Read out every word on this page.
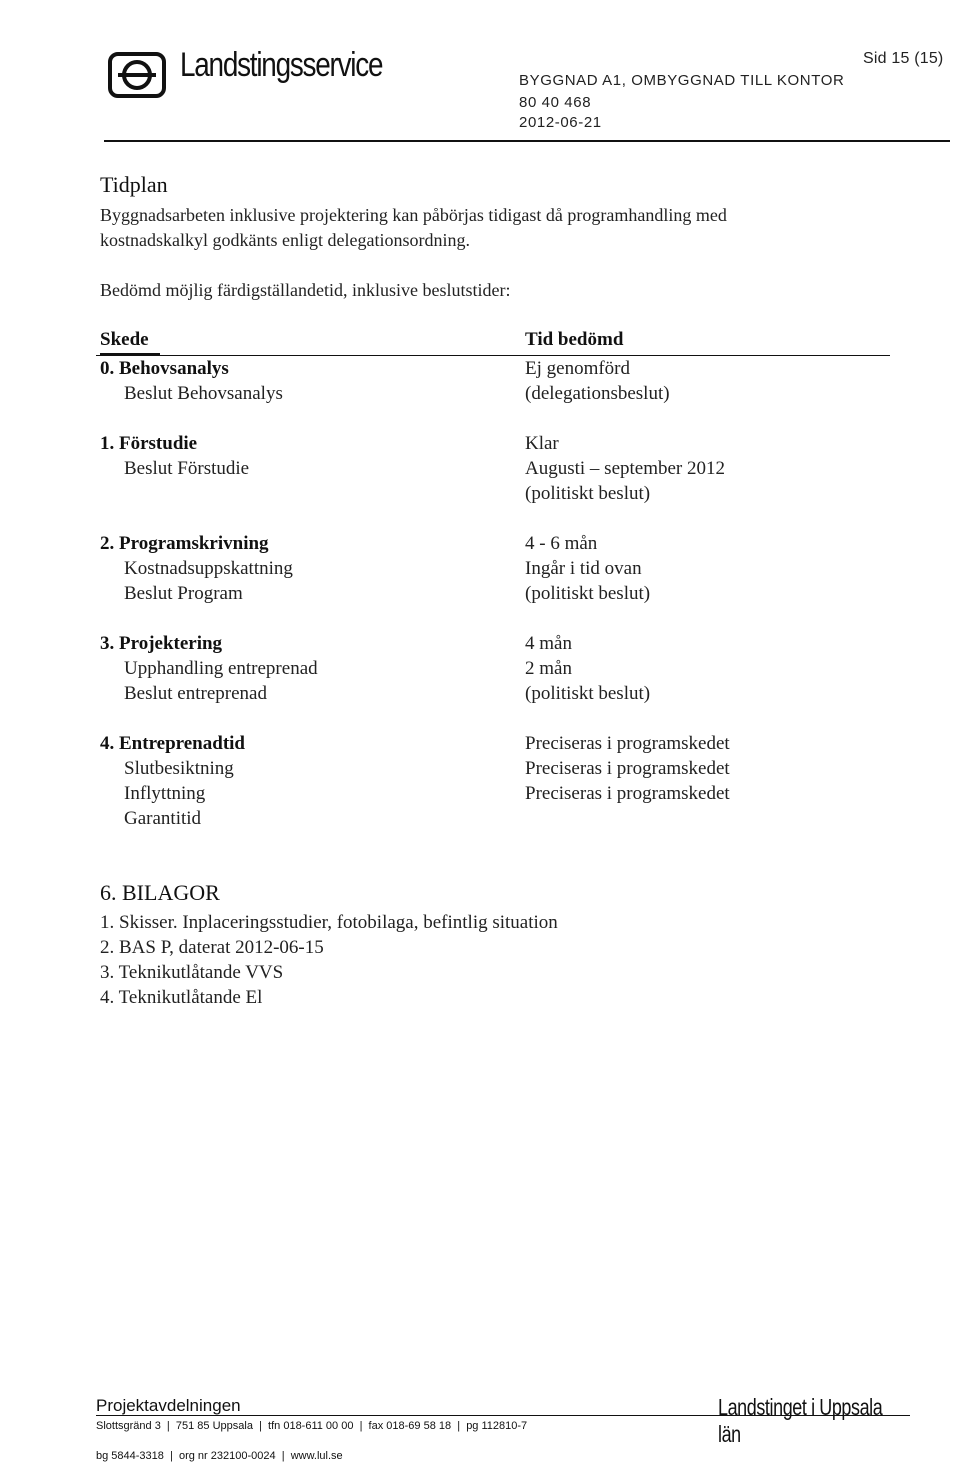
Landstingsservice	Sid 15 (15)
BYGGNAD A1, OMBYGGNAD TILL KONTOR
80 40 468
2012-06-21
Tidplan
Byggnadsarbeten inklusive projektering kan påbörjas tidigast då programhandling med
kostnadskalkyl godkänts enligt delegationsordning.
Bedömd möjlig färdigställandetid, inklusive beslutstider:
Skede	Tid bedömd
0. Behovsanalys
Beslut Behovsanalys
Ej genomförd
(delegationsbeslut)
1. Förstudie
Beslut Förstudie
Klar
Augusti – september 2012
(politiskt beslut)
2. Programskrivning
Kostnadsuppskattning
Beslut Program
4 - 6 mån
Ingår i tid ovan
(politiskt beslut)
3. Projektering
Upphandling entreprenad
Beslut entreprenad
4 mån
2 mån
(politiskt beslut)
4. Entreprenadtid
Slutbesiktning
Inflyttning
Garantitid
Preciseras i programskedet
Preciseras i programskedet
Preciseras i programskedet
6. BILAGOR
1. Skisser. Inplaceringsstudier, fotobilaga, befintlig situation
2. BAS P, daterat 2012-06-15
3. Teknikutlåtande VVS
4. Teknikutlåtande El
Projektavdelningen
Slottsgränd 3  |  751 85 Uppsala  |  tfn 018-611 00 00  |  fax 018-69 58 18  |  pg 112810-7
bg 5844-3318  |  org nr 232100-0024  |  www.lul.se
Landstinget i Uppsala län
